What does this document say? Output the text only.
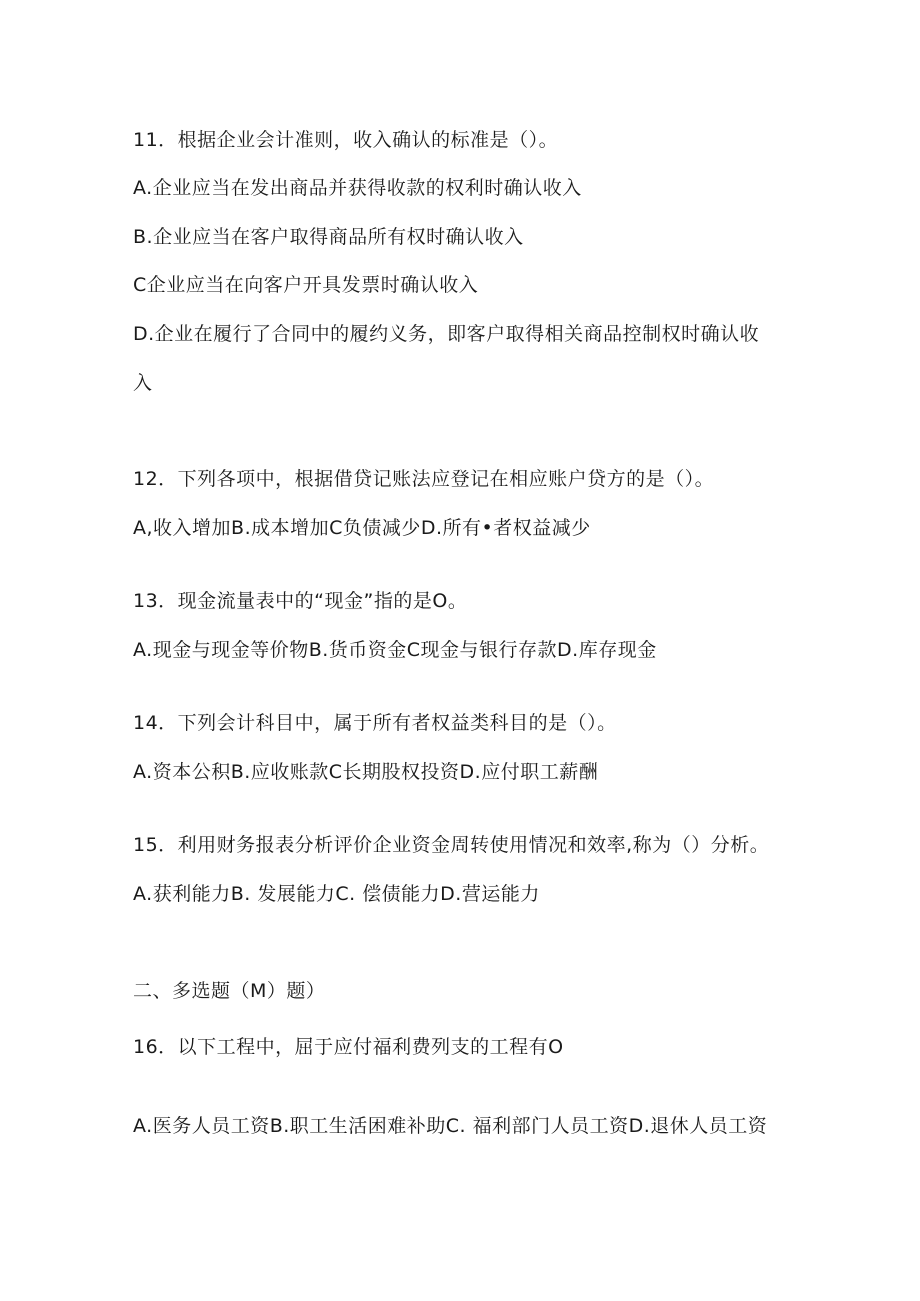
11．根据企业会计准则，收入确认的标准是（）。
A.企业应当在发出商品并获得收款的权利时确认收入
B.企业应当在客户取得商品所有权时确认收入
C企业应当在向客户开具发票时确认收入
D.企业在履行了合同中的履约义务，即客户取得相关商品控制权时确认收
入
12．下列各项中，根据借贷记账法应登记在相应账户贷方的是（）。
A,收入增加B.成本增加C负债减少D.所有•者权益减少
13．现金流量表中的“现金”指的是O。
A.现金与现金等价物B.货币资金C现金与银行存款D.库存现金
14．下列会计科目中，属于所有者权益类科目的是（）。
A.资本公积B.应收账款C长期股权投资D.应付职工薪酬
15．利用财务报表分析评价企业资金周转使用情况和效率,称为（）分析。
A.获利能力B. 发展能力C. 偿债能力D.营运能力
二、多选题（M）题）
16．以下工程中，屈于应付福利费列支的工程有O
A.医务人员工资B.职工生活困难补助C. 福利部门人员工资D.退休人员工资
